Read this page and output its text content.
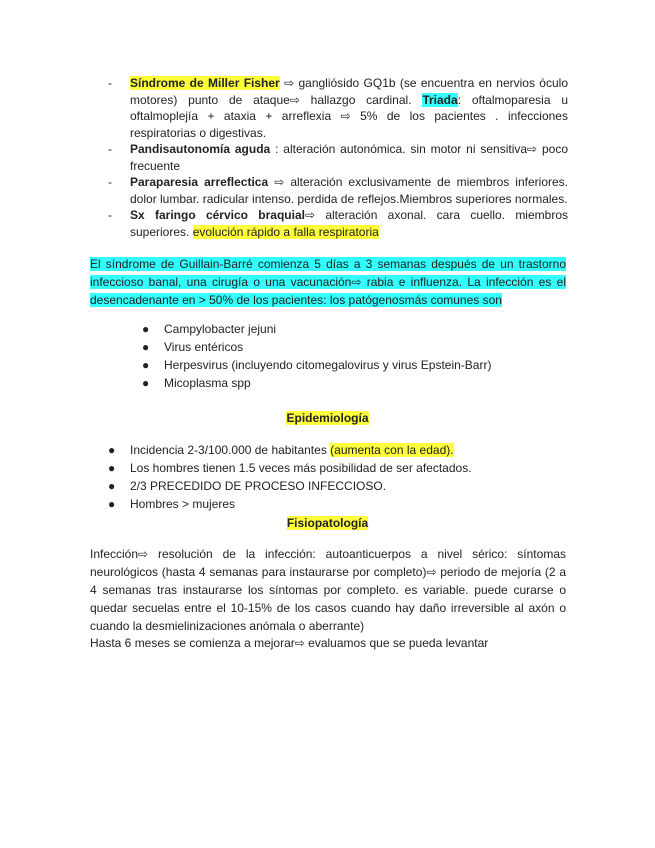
- Síndrome de Miller Fisher ⇨ gangliósido GQ1b (se encuentra en nervios óculo motores) punto de ataque⇨ hallazgo cardinal. Triada: oftalmoparesia u oftalmoplejía + ataxia + arreflexia ⇨ 5% de los pacientes . infecciones respiratorias o digestivas.
- Pandisautonomía aguda : alteración autonómica. sin motor ni sensitiva⇨ poco frecuente
- Paraparesia arreflectica ⇨ alteración exclusivamente de miembros inferiores. dolor lumbar. radicular intenso. perdida de reflejos.Miembros superiores normales.
- Sx faringo cérvico braquial⇨ alteración axonal. cara cuello. miembros superiores. evolución rápido a falla respiratoria
El síndrome de Guillain-Barré comienza 5 días a 3 semanas después de un trastorno infeccioso banal, una cirugía o una vacunación⇨ rabia e influenza. La infección es el desencadenante en > 50% de los pacientes: los patógenosmás comunes son
● Campylobacter jejuni
● Virus entéricos
● Herpesvirus (incluyendo citomegalovirus y virus Epstein-Barr)
● Micoplasma spp
Epidemiología
● Incidencia 2-3/100.000 de habitantes (aumenta con la edad).
● Los hombres tienen 1.5 veces más posibilidad de ser afectados.
● 2/3 PRECEDIDO DE PROCESO INFECCIOSO.
● Hombres > mujeres
Fisiopatología
Infección⇨ resolución de la infección: autoanticuerpos a nivel sérico: síntomas neurológicos (hasta 4 semanas para instaurarse por completo)⇨ periodo de mejoría (2 a 4 semanas tras instaurarse los síntomas por completo. es variable. puede curarse o quedar secuelas entre el 10-15% de los casos cuando hay daño irreversible al axón o cuando la desmielinizaciones anómala o aberrante)
Hasta 6 meses se comienza a mejorar⇨ evaluamos que se pueda levantar
